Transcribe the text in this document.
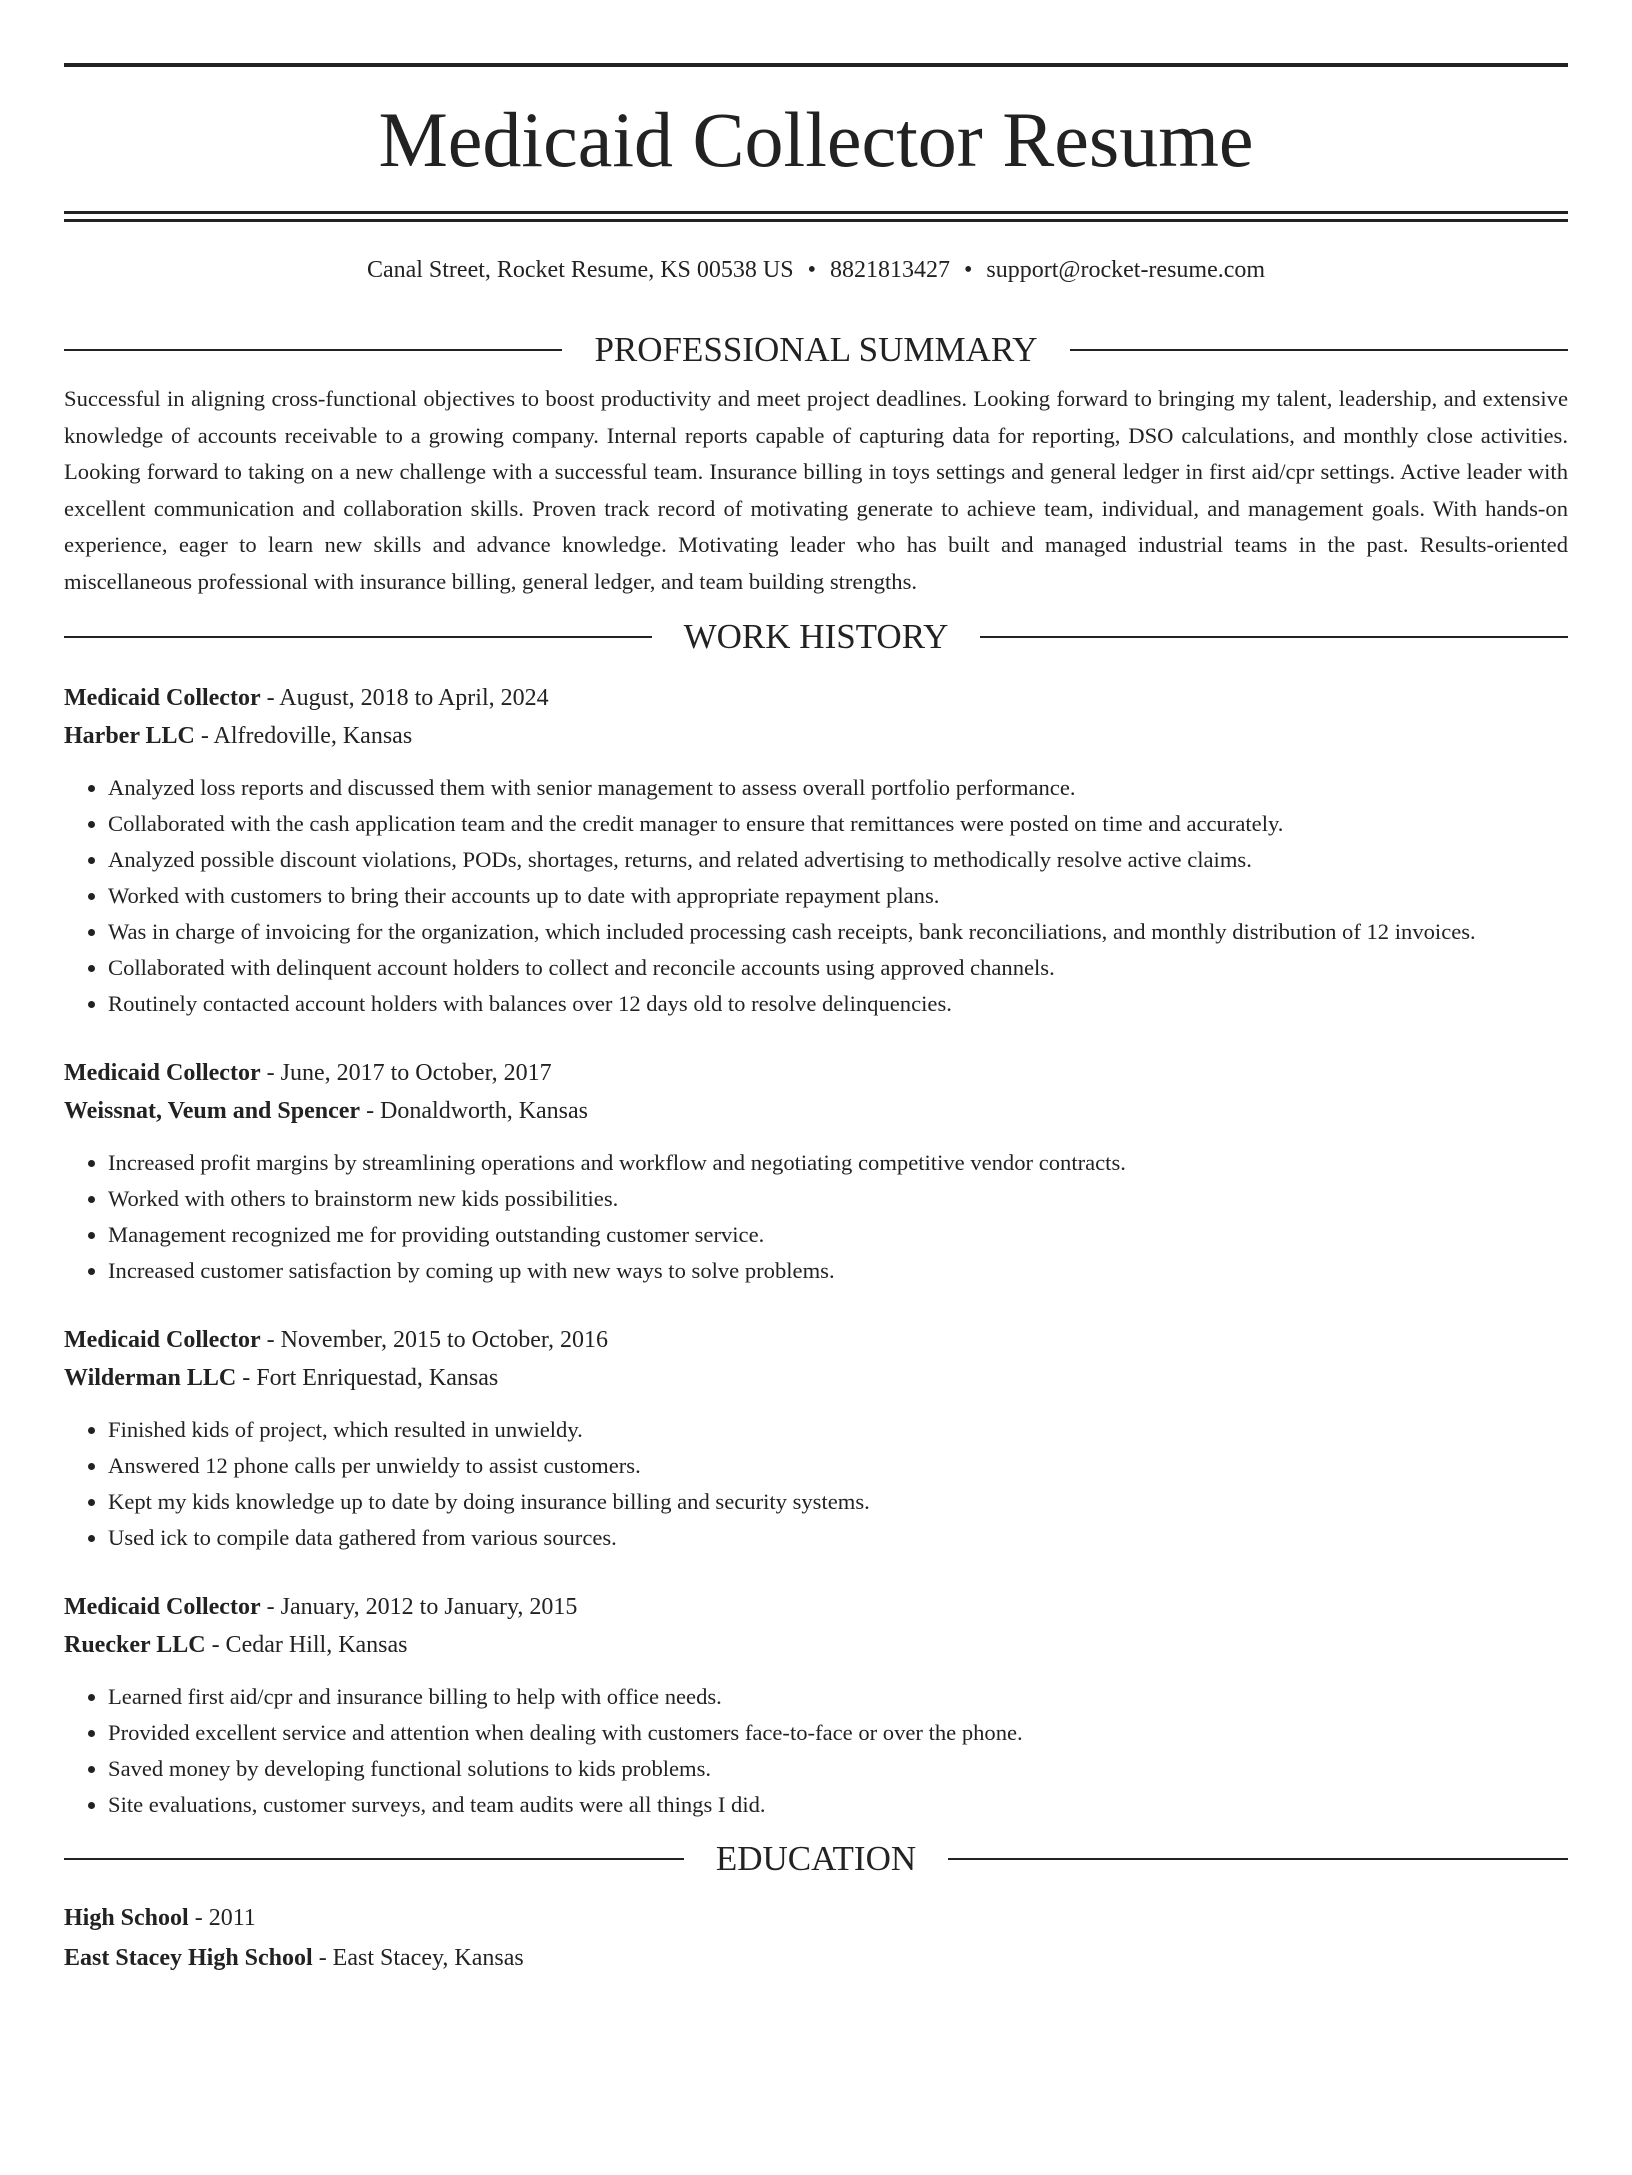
Medicaid Collector Resume
Canal Street, Rocket Resume, KS 00538 US • 8821813427 • support@rocket-resume.com
PROFESSIONAL SUMMARY

Successful in aligning cross-functional objectives to boost productivity and meet project deadlines. Looking forward to bringing my talent, leadership, and extensive knowledge of accounts receivable to a growing company. Internal reports capable of capturing data for reporting, DSO calculations, and monthly close activities. Looking forward to taking on a new challenge with a successful team. Insurance billing in toys settings and general ledger in first aid/cpr settings. Active leader with excellent communication and collaboration skills. Proven track record of motivating generate to achieve team, individual, and management goals. With hands-on experience, eager to learn new skills and advance knowledge. Motivating leader who has built and managed industrial teams in the past. Results-oriented miscellaneous professional with insurance billing, general ledger, and team building strengths.

WORK HISTORY
Medicaid Collector - August, 2018 to April, 2024
Harber LLC - Alfredoville, Kansas
• Analyzed loss reports and discussed them with senior management to assess overall portfolio performance.
• Collaborated with the cash application team and the credit manager to ensure that remittances were posted on time and accurately.
• Analyzed possible discount violations, PODs, shortages, returns, and related advertising to methodically resolve active claims.
• Worked with customers to bring their accounts up to date with appropriate repayment plans.
• Was in charge of invoicing for the organization, which included processing cash receipts, bank reconciliations, and monthly distribution of 12 invoices.
• Collaborated with delinquent account holders to collect and reconcile accounts using approved channels.
• Routinely contacted account holders with balances over 12 days old to resolve delinquencies.
Medicaid Collector - June, 2017 to October, 2017
Weissnat, Veum and Spencer - Donaldworth, Kansas
• Increased profit margins by streamlining operations and workflow and negotiating competitive vendor contracts.
• Worked with others to brainstorm new kids possibilities.
• Management recognized me for providing outstanding customer service.
• Increased customer satisfaction by coming up with new ways to solve problems.
Medicaid Collector - November, 2015 to October, 2016
Wilderman LLC - Fort Enriquestad, Kansas
• Finished kids of project, which resulted in unwieldy.
• Answered 12 phone calls per unwieldy to assist customers.
• Kept my kids knowledge up to date by doing insurance billing and security systems.
• Used ick to compile data gathered from various sources.
Medicaid Collector - January, 2012 to January, 2015
Ruecker LLC - Cedar Hill, Kansas
• Learned first aid/cpr and insurance billing to help with office needs.
• Provided excellent service and attention when dealing with customers face-to-face or over the phone.
• Saved money by developing functional solutions to kids problems.
• Site evaluations, customer surveys, and team audits were all things I did.
EDUCATION
High School - 2011
East Stacey High School - East Stacey, Kansas
